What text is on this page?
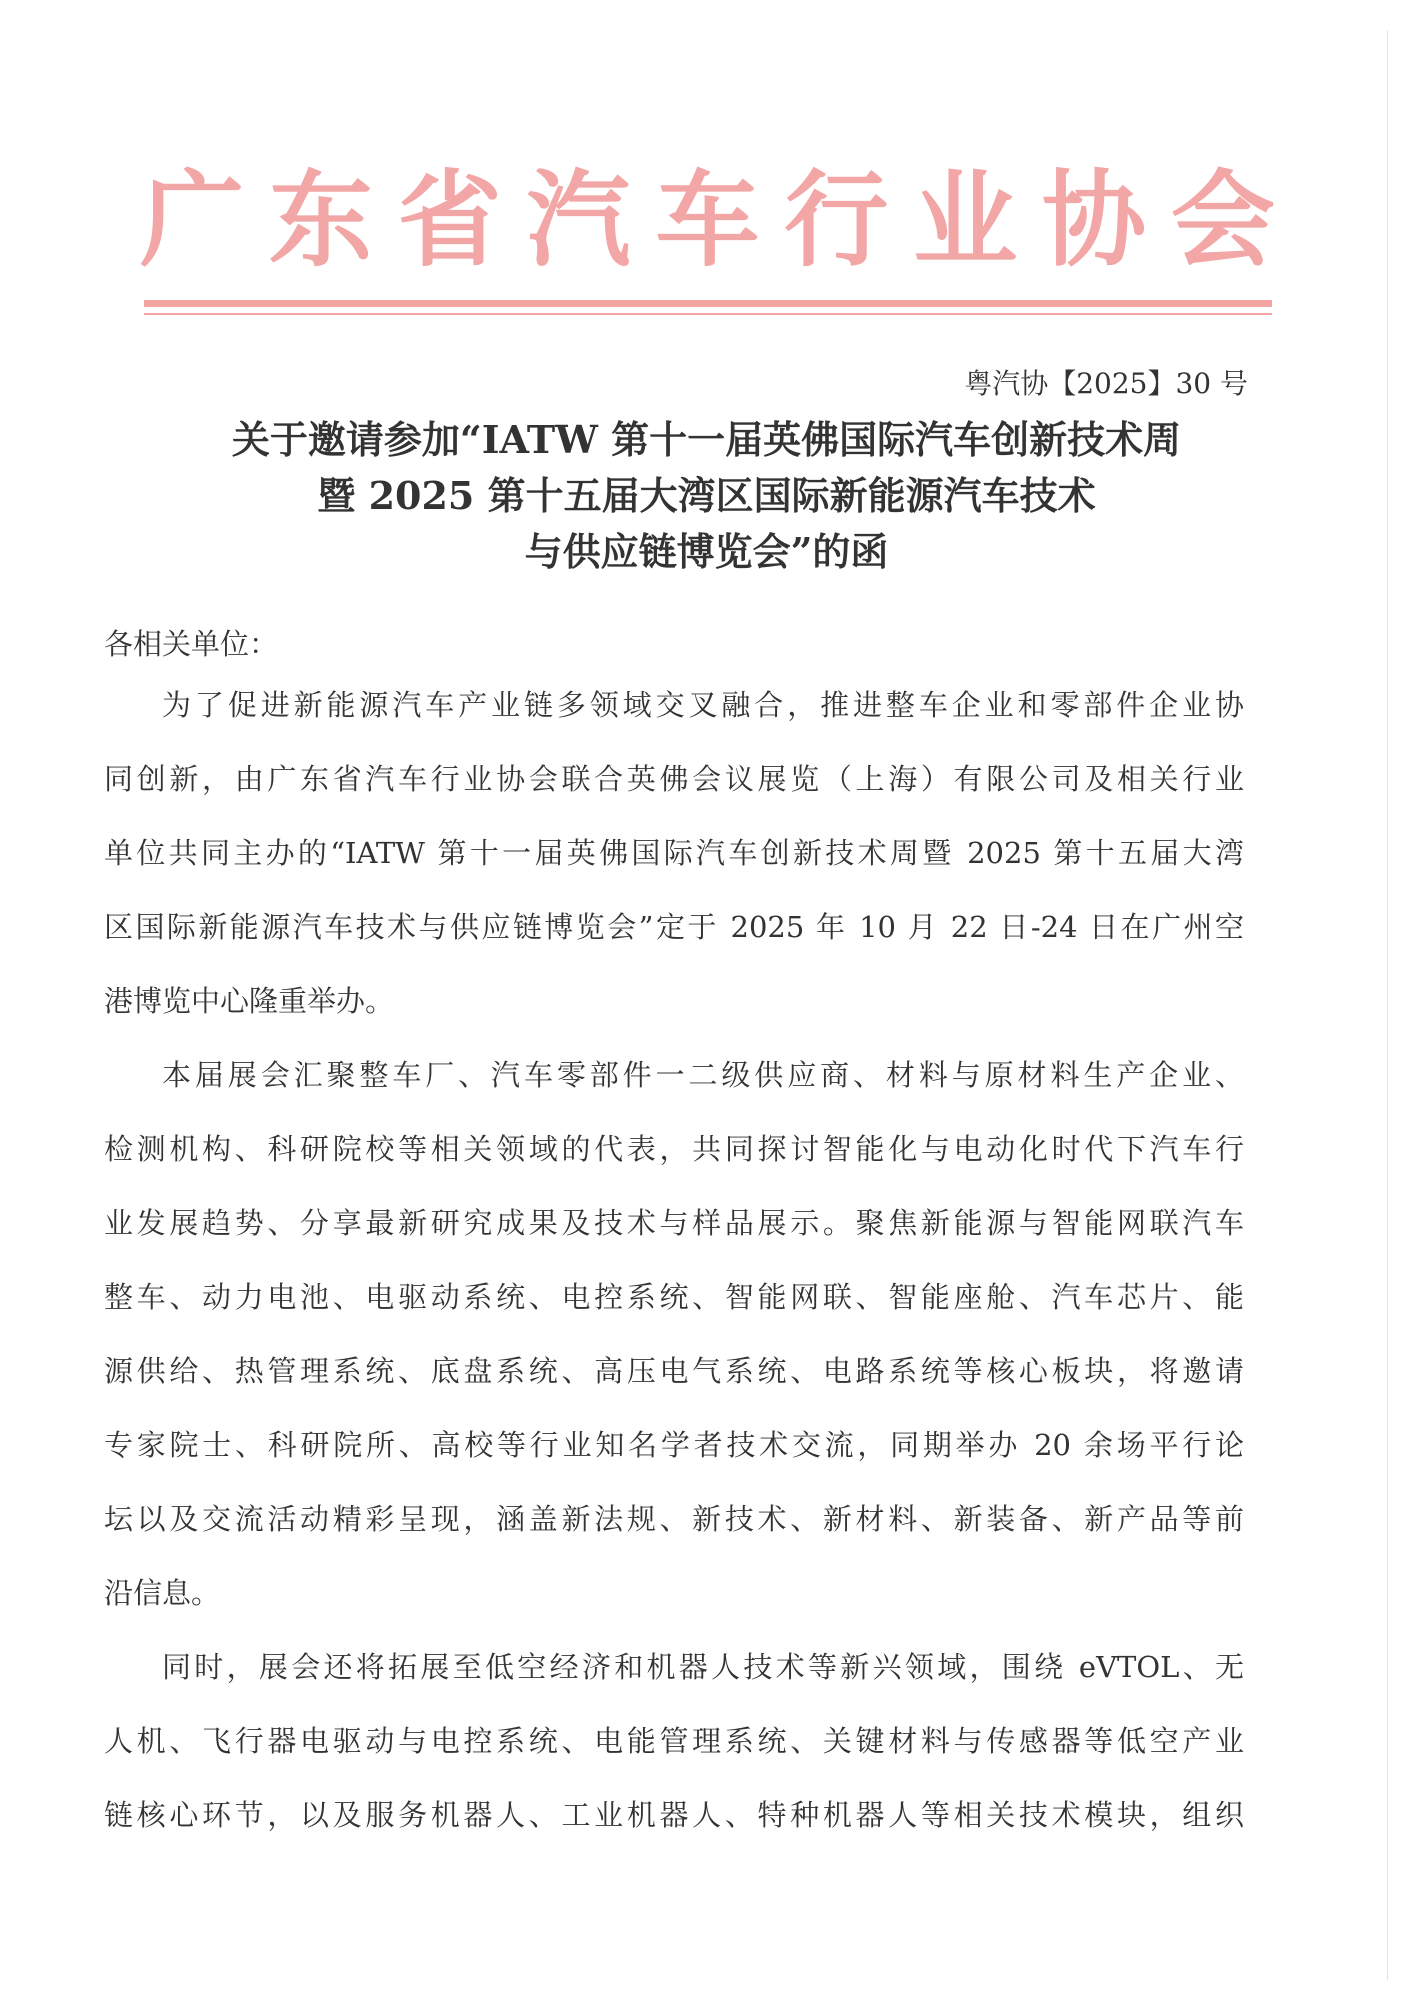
广 东 省 汽 车 行 业 协 会
粤汽协【2025】30 号
关于邀请参加“IATW 第十一届英佛国际汽车创新技术周
暨 2025 第十五届大湾区国际新能源汽车技术
与供应链博览会”的函
各相关单位：
为了促进新能源汽车产业链多领域交叉融合，推进整车企业和零部件企业协
同创新，由广东省汽车行业协会联合英佛会议展览（上海）有限公司及相关行业
单位共同主办的“IATW 第十一届英佛国际汽车创新技术周暨 2025 第十五届大湾
区国际新能源汽车技术与供应链博览会”定于 2025 年 10 月 22 日-24 日在广州空
港博览中心隆重举办。
本届展会汇聚整车厂、汽车零部件一二级供应商、材料与原材料生产企业、
检测机构、科研院校等相关领域的代表，共同探讨智能化与电动化时代下汽车行
业发展趋势、分享最新研究成果及技术与样品展示。聚焦新能源与智能网联汽车
整车、动力电池、电驱动系统、电控系统、智能网联、智能座舱、汽车芯片、能
源供给、热管理系统、底盘系统、高压电气系统、电路系统等核心板块，将邀请
专家院士、科研院所、高校等行业知名学者技术交流，同期举办 20 余场平行论
坛以及交流活动精彩呈现，涵盖新法规、新技术、新材料、新装备、新产品等前
沿信息。
同时，展会还将拓展至低空经济和机器人技术等新兴领域，围绕 eVTOL、无
人机、飞行器电驱动与电控系统、电能管理系统、关键材料与传感器等低空产业
链核心环节，以及服务机器人、工业机器人、特种机器人等相关技术模块，组织
